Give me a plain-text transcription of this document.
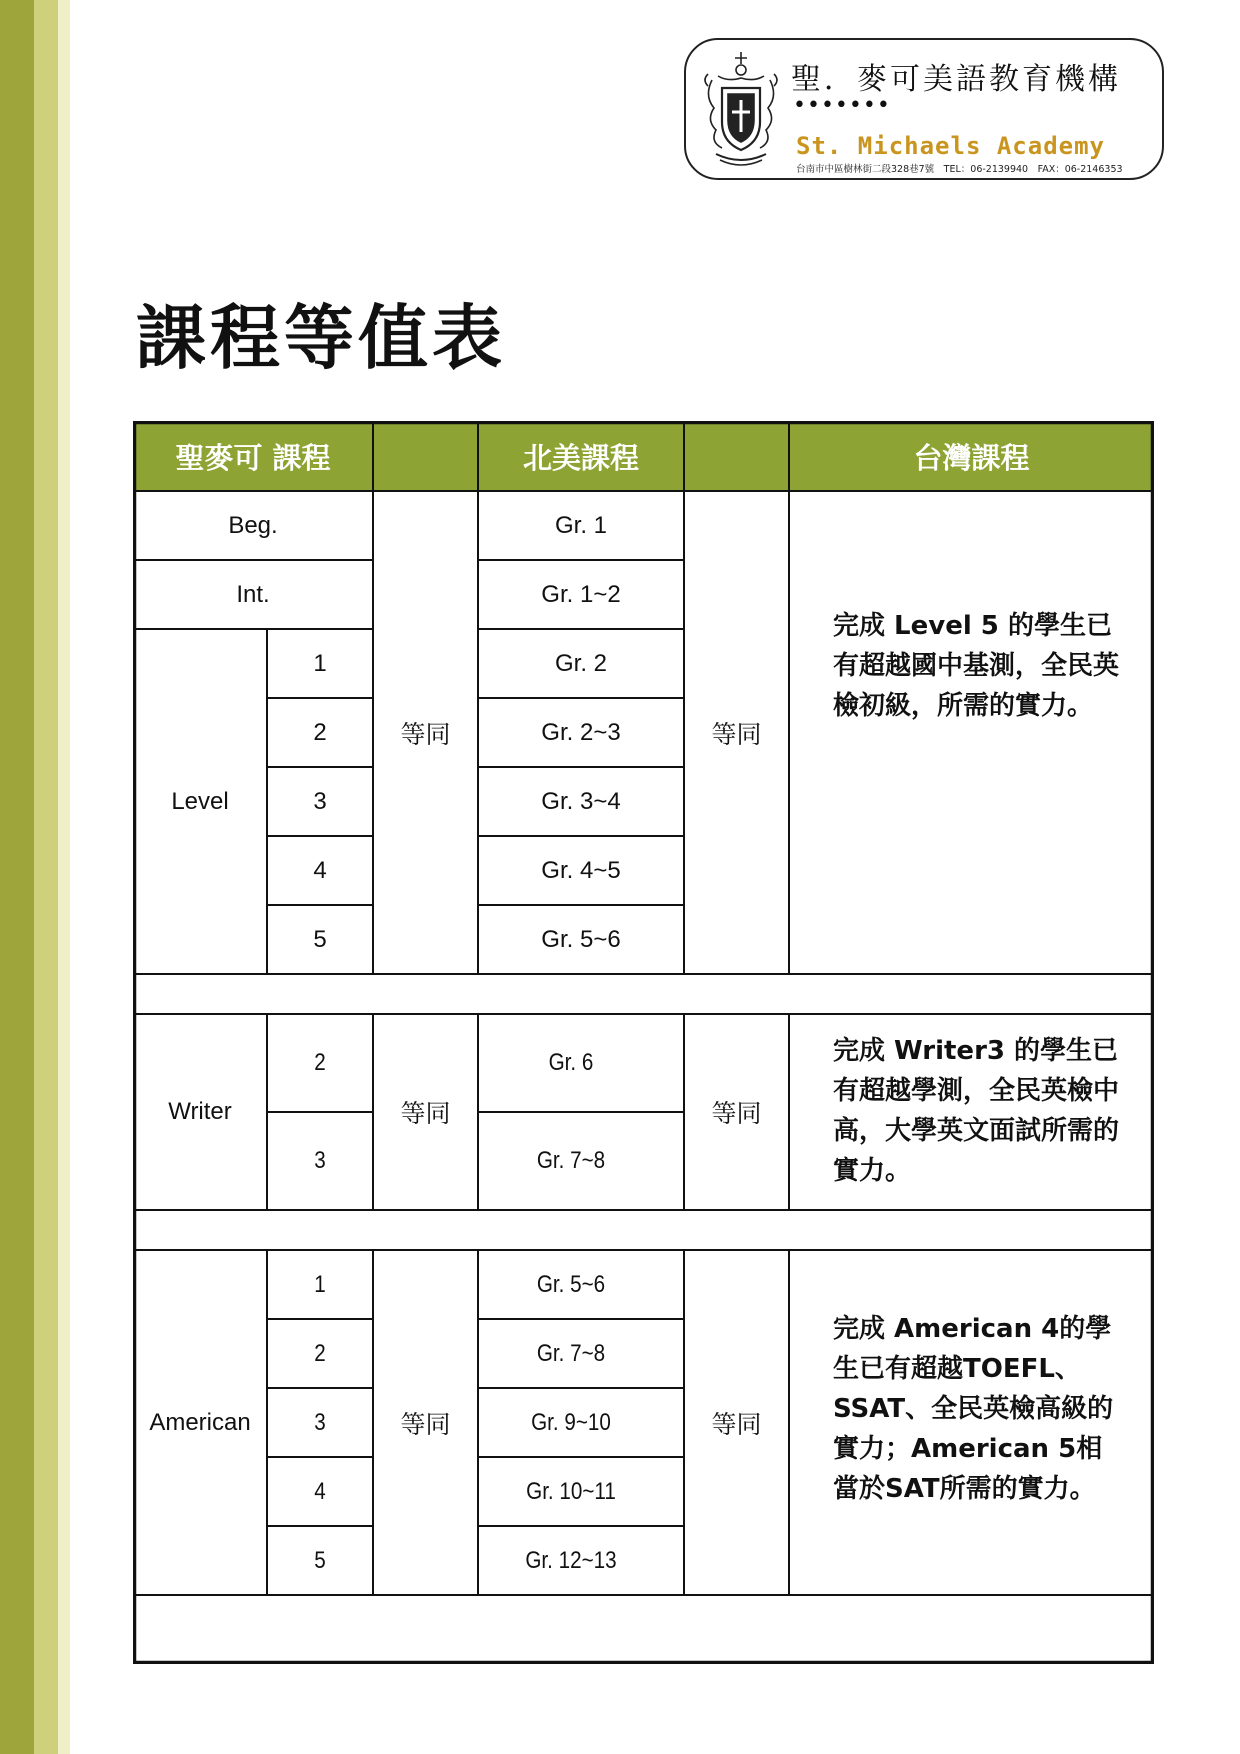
聖．麥可美語教育機構
•••••••
St. Michaels Academy
台南市中區樹林街二段328巷7號　TEL：06-2139940　FAX：06-2146353
課程等值表
聖麥可 課程	北美課程	台灣課程
Beg.
Int.
Level
1
2
3
4
5
等同
Gr. 1
Gr. 1~2
Gr. 2
Gr. 2~3
Gr. 3~4
Gr. 4~5
Gr. 5~6
等同
完成 Level 5 的學生已有超越國中基測，全民英檢初級，所需的實力。
Writer
2
3
等同
Gr. 6
Gr. 7~8
等同
完成 Writer3 的學生已有超越學測，全民英檢中高，大學英文面試所需的實力。
American
1
2
3
4
5
等同
Gr. 5~6
Gr. 7~8
Gr. 9~10
Gr. 10~11
Gr. 12~13
等同
完成 American 4的學生已有超越TOEFL、SSAT、全民英檢高級的實力；American 5相當於SAT所需的實力。
